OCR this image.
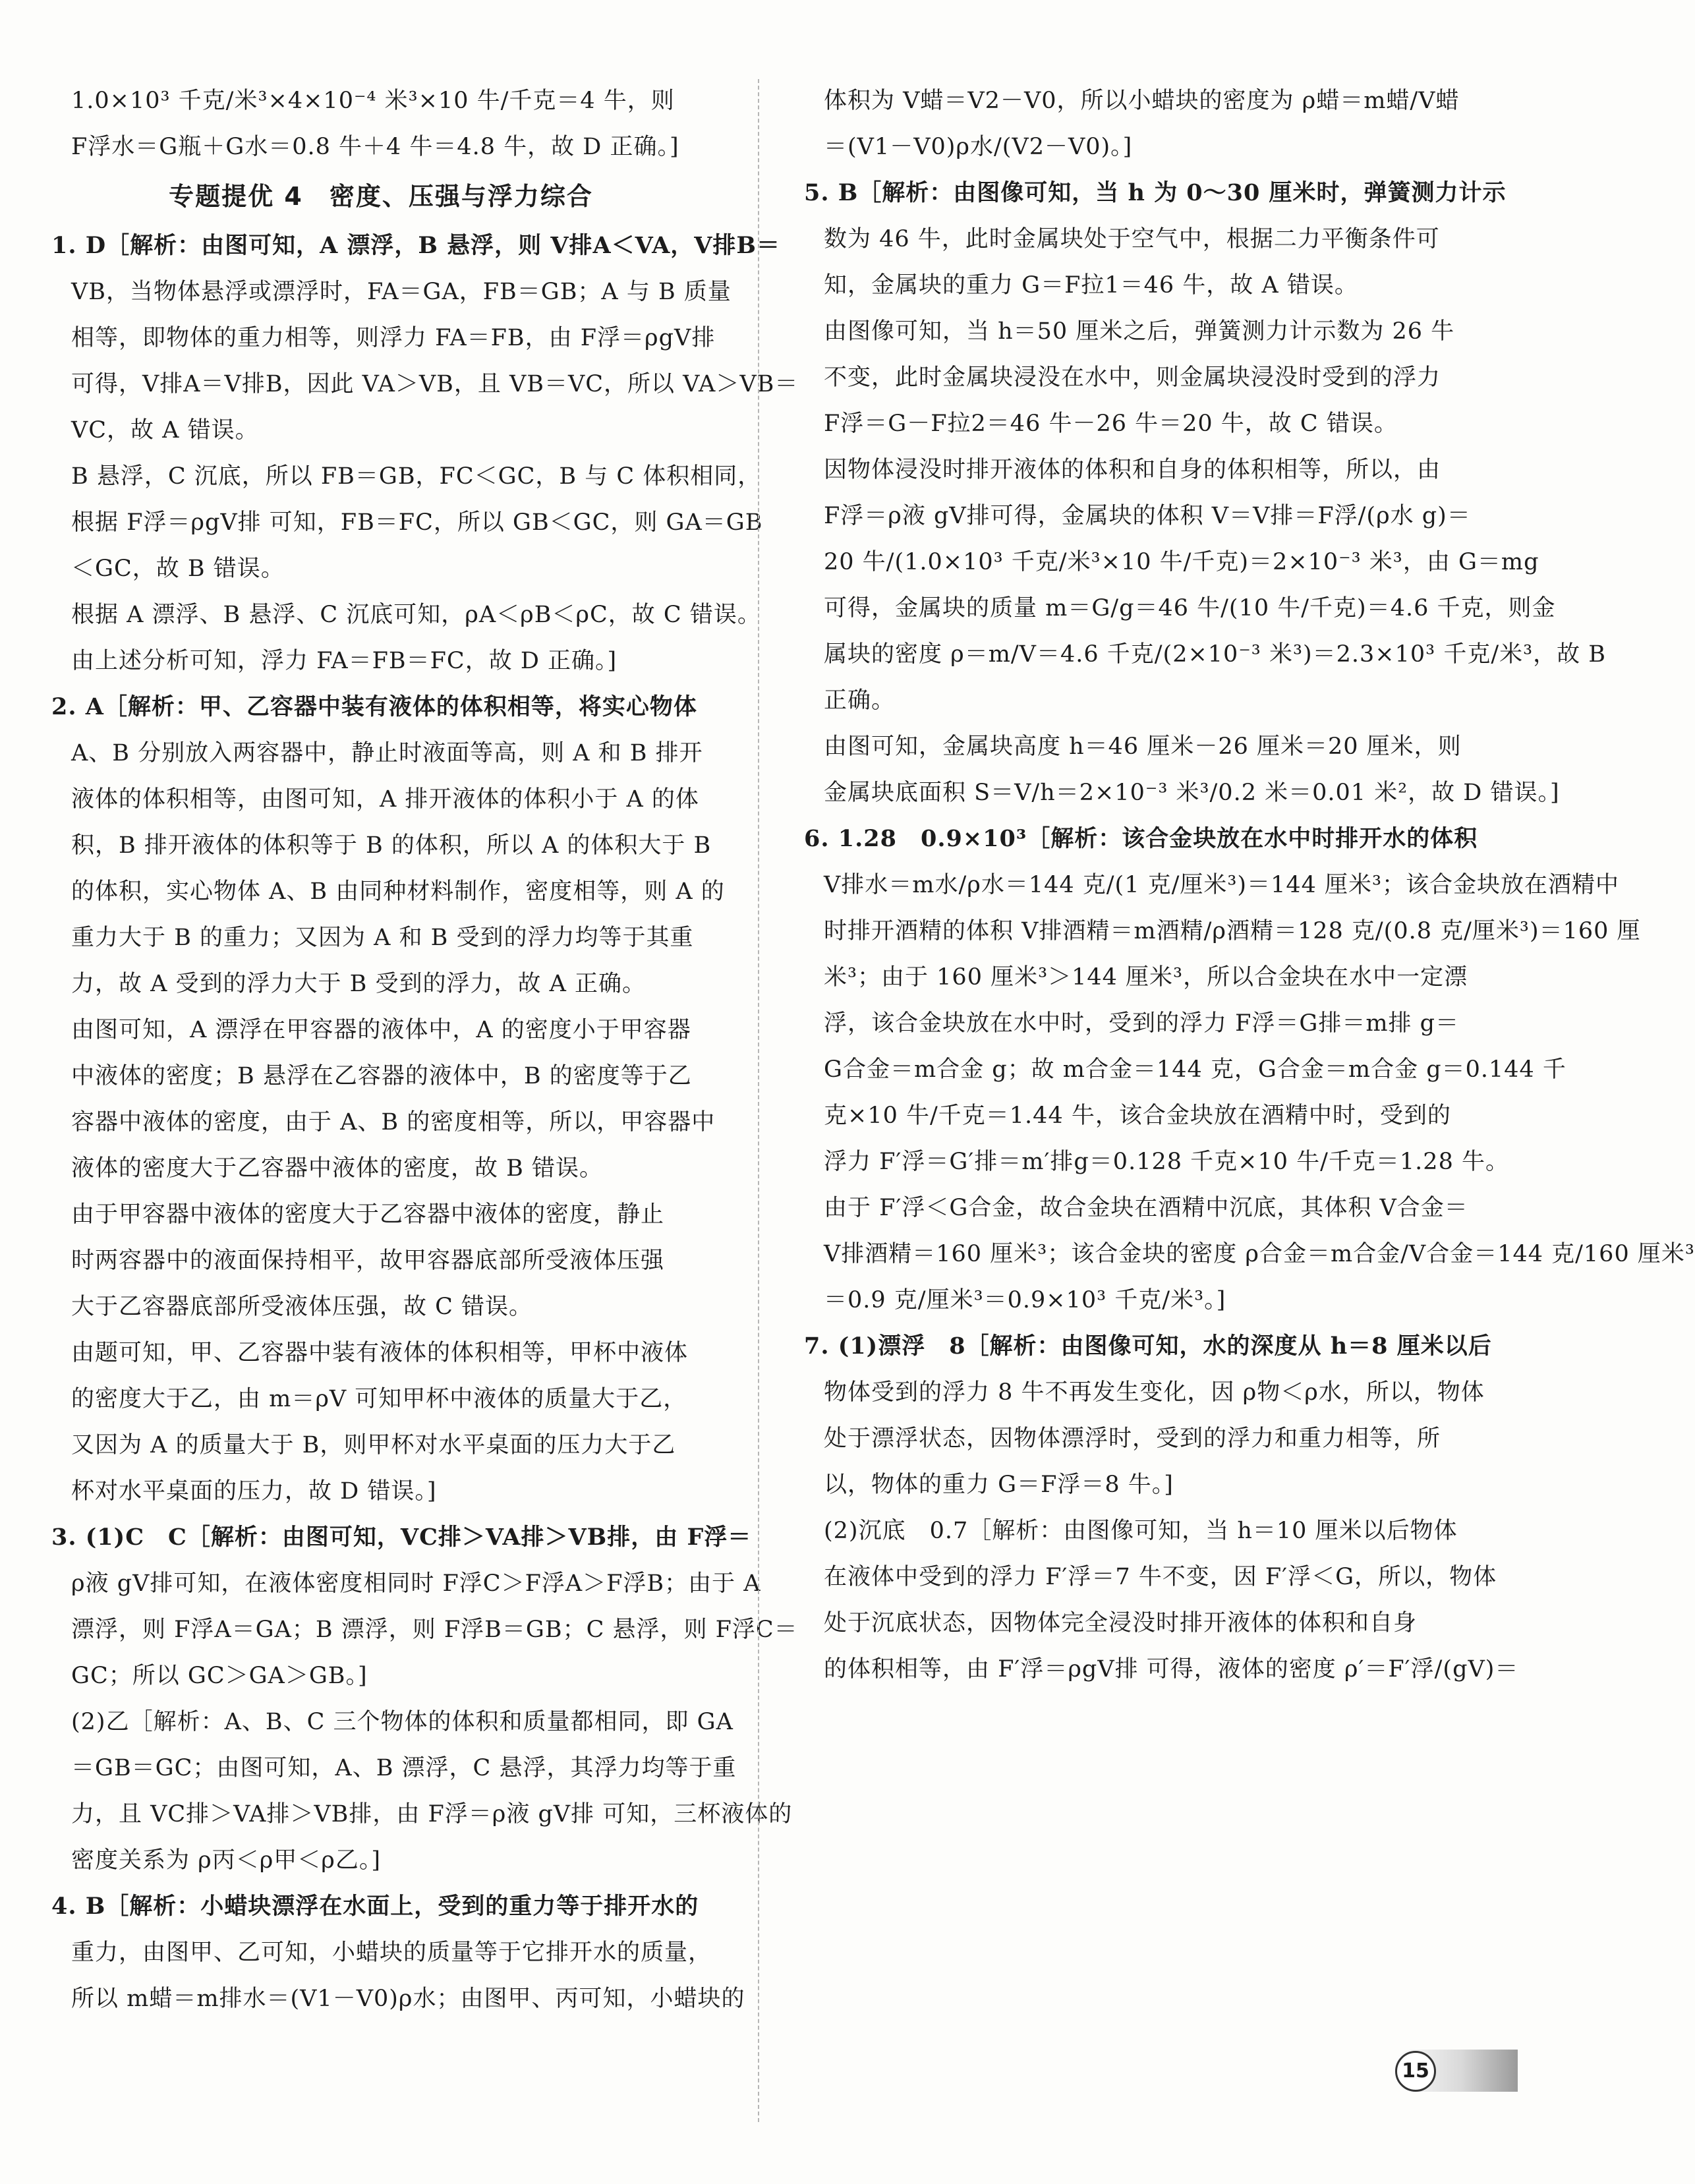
1.0×10³ 千克/米³×4×10⁻⁴ 米³×10 牛/千克＝4 牛，则
F浮水＝G瓶＋G水＝0.8 牛＋4 牛＝4.8 牛，故 D 正确。]
专题提优 4　密度、压强与浮力综合
1. D［解析：由图可知，A 漂浮，B 悬浮，则 V排A＜VA，V排B＝
VB，当物体悬浮或漂浮时，FA＝GA，FB＝GB；A 与 B 质量
相等，即物体的重力相等，则浮力 FA＝FB，由 F浮＝ρgV排
可得，V排A＝V排B，因此 VA＞VB，且 VB＝VC，所以 VA＞VB＝
VC，故 A 错误。
B 悬浮，C 沉底，所以 FB＝GB，FC＜GC，B 与 C 体积相同，
根据 F浮＝ρgV排 可知，FB＝FC，所以 GB＜GC，则 GA＝GB
＜GC，故 B 错误。
根据 A 漂浮、B 悬浮、C 沉底可知，ρA＜ρB＜ρC，故 C 错误。
由上述分析可知，浮力 FA＝FB＝FC，故 D 正确。]
2. A［解析：甲、乙容器中装有液体的体积相等，将实心物体
A、B 分别放入两容器中，静止时液面等高，则 A 和 B 排开
液体的体积相等，由图可知，A 排开液体的体积小于 A 的体
积，B 排开液体的体积等于 B 的体积，所以 A 的体积大于 B
的体积，实心物体 A、B 由同种材料制作，密度相等，则 A 的
重力大于 B 的重力；又因为 A 和 B 受到的浮力均等于其重
力，故 A 受到的浮力大于 B 受到的浮力，故 A 正确。
由图可知，A 漂浮在甲容器的液体中，A 的密度小于甲容器
中液体的密度；B 悬浮在乙容器的液体中，B 的密度等于乙
容器中液体的密度，由于 A、B 的密度相等，所以，甲容器中
液体的密度大于乙容器中液体的密度，故 B 错误。
由于甲容器中液体的密度大于乙容器中液体的密度，静止
时两容器中的液面保持相平，故甲容器底部所受液体压强
大于乙容器底部所受液体压强，故 C 错误。
由题可知，甲、乙容器中装有液体的体积相等，甲杯中液体
的密度大于乙，由 m＝ρV 可知甲杯中液体的质量大于乙，
又因为 A 的质量大于 B，则甲杯对水平桌面的压力大于乙
杯对水平桌面的压力，故 D 错误。]
3. (1)C　C［解析：由图可知，VC排＞VA排＞VB排，由 F浮＝
ρ液 gV排可知，在液体密度相同时 F浮C＞F浮A＞F浮B；由于 A
漂浮，则 F浮A＝GA；B 漂浮，则 F浮B＝GB；C 悬浮，则 F浮C＝
GC；所以 GC＞GA＞GB。]
(2)乙［解析：A、B、C 三个物体的体积和质量都相同，即 GA
＝GB＝GC；由图可知，A、B 漂浮，C 悬浮，其浮力均等于重
力，且 VC排＞VA排＞VB排，由 F浮＝ρ液 gV排 可知，三杯液体的
密度关系为 ρ丙＜ρ甲＜ρ乙。]
4. B［解析：小蜡块漂浮在水面上，受到的重力等于排开水的
重力，由图甲、乙可知，小蜡块的质量等于它排开水的质量，
所以 m蜡＝m排水＝(V1－V0)ρ水；由图甲、丙可知，小蜡块的
体积为 V蜡＝V2－V0，所以小蜡块的密度为 ρ蜡＝m蜡/V蜡
＝(V1－V0)ρ水/(V2－V0)。]
5. B［解析：由图像可知，当 h 为 0～30 厘米时，弹簧测力计示
数为 46 牛，此时金属块处于空气中，根据二力平衡条件可
知，金属块的重力 G＝F拉1＝46 牛，故 A 错误。
由图像可知，当 h＝50 厘米之后，弹簧测力计示数为 26 牛
不变，此时金属块浸没在水中，则金属块浸没时受到的浮力
F浮＝G－F拉2＝46 牛－26 牛＝20 牛，故 C 错误。
因物体浸没时排开液体的体积和自身的体积相等，所以，由
F浮＝ρ液 gV排可得，金属块的体积 V＝V排＝F浮/(ρ水 g)＝
20 牛/(1.0×10³ 千克/米³×10 牛/千克)＝2×10⁻³ 米³，由 G＝mg
可得，金属块的质量 m＝G/g＝46 牛/(10 牛/千克)＝4.6 千克，则金
属块的密度 ρ＝m/V＝4.6 千克/(2×10⁻³ 米³)＝2.3×10³ 千克/米³，故 B
正确。
由图可知，金属块高度 h＝46 厘米－26 厘米＝20 厘米，则
金属块底面积 S＝V/h＝2×10⁻³ 米³/0.2 米＝0.01 米²，故 D 错误。]
6. 1.28　0.9×10³［解析：该合金块放在水中时排开水的体积
V排水＝m水/ρ水＝144 克/(1 克/厘米³)＝144 厘米³；该合金块放在酒精中
时排开酒精的体积 V排酒精＝m酒精/ρ酒精＝128 克/(0.8 克/厘米³)＝160 厘
米³；由于 160 厘米³＞144 厘米³，所以合金块在水中一定漂
浮，该合金块放在水中时，受到的浮力 F浮＝G排＝m排 g＝
G合金＝m合金 g；故 m合金＝144 克，G合金＝m合金 g＝0.144 千
克×10 牛/千克＝1.44 牛，该合金块放在酒精中时，受到的
浮力 F′浮＝G′排＝m′排g＝0.128 千克×10 牛/千克＝1.28 牛。
由于 F′浮＜G合金，故合金块在酒精中沉底，其体积 V合金＝
V排酒精＝160 厘米³；该合金块的密度 ρ合金＝m合金/V合金＝144 克/160 厘米³
＝0.9 克/厘米³＝0.9×10³ 千克/米³。]
7. (1)漂浮　8［解析：由图像可知，水的深度从 h＝8 厘米以后
物体受到的浮力 8 牛不再发生变化，因 ρ物＜ρ水，所以，物体
处于漂浮状态，因物体漂浮时，受到的浮力和重力相等，所
以，物体的重力 G＝F浮＝8 牛。]
(2)沉底　0.7［解析：由图像可知，当 h＝10 厘米以后物体
在液体中受到的浮力 F′浮＝7 牛不变，因 F′浮＜G，所以，物体
处于沉底状态，因物体完全浸没时排开液体的体积和自身
的体积相等，由 F′浮＝ρgV排 可得，液体的密度 ρ′＝F′浮/(gV)＝
15
